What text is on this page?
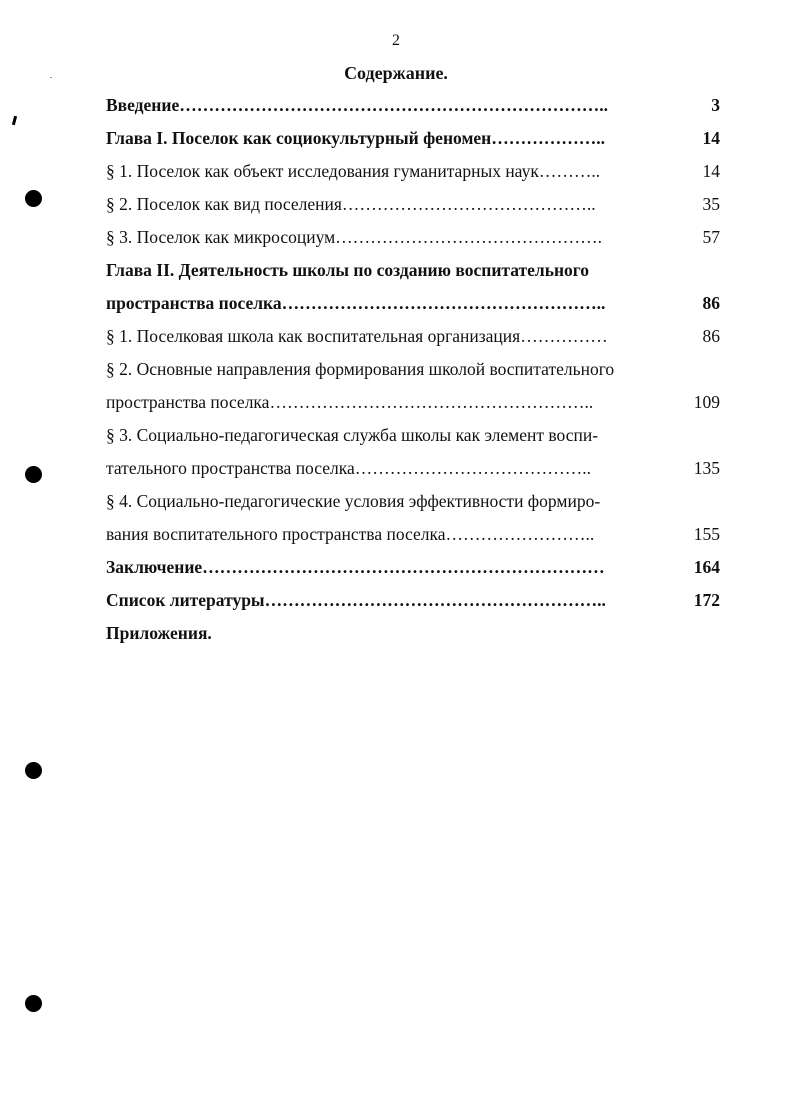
2
Содержание.
Введение………………………………………………………………..	3
Глава I. Поселок как социокультурный феномен………………..	14
§ 1. Поселок как объект исследования гуманитарных наук………..	14
§ 2. Поселок как вид поселения……………………………………..	35
§ 3. Поселок как микросоциум……………………………………….	57
Глава II. Деятельность школы по созданию воспитательного
пространства поселка………………………………………………..	86
§ 1. Поселковая школа как воспитательная организация……………	86
§ 2. Основные направления формирования школой воспитательного
пространства поселка………………………………………………..	109
§ 3. Социально-педагогическая служба школы как элемент воспи-
тательного пространства поселка…………………………………..	135
§ 4. Социально-педагогические условия эффективности формиро-
вания воспитательного пространства поселка……………………..	155
Заключение……………………………………………………………	164
Список литературы…………………………………………………..	172
Приложения.
